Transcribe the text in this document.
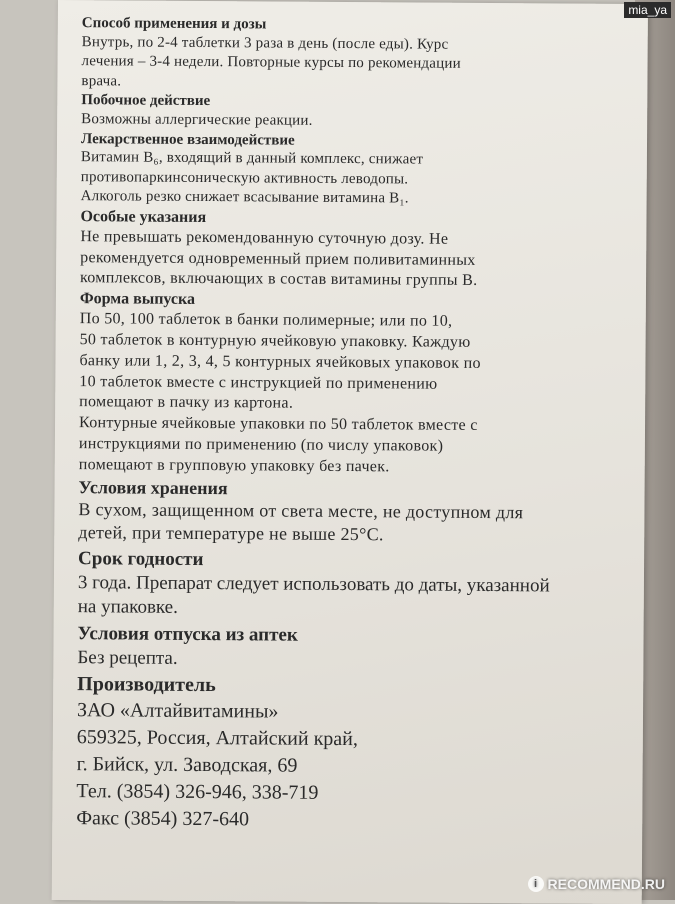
Способ применения и дозы

Внутрь, по 2-4 таблетки 3 раза в день (после еды). Курс

лечения – 3-4 недели. Повторные курсы по рекомендации

врача.

Побочное действие

Возможны аллергические реакции.

Лекарственное взаимодействие

Витамин B₆, входящий в данный комплекс, снижает

противопаркинсоническую активность леводопы.

Алкоголь резко снижает всасывание витамина B₁.

Особые указания

Не превышать рекомендованную суточную дозу. Не

рекомендуется одновременный прием поливитаминных

комплексов, включающих в состав витамины группы В.

Форма выпуска

По 50, 100 таблеток в банки полимерные; или по 10,

50 таблеток в контурную ячейковую упаковку. Каждую

банку или 1, 2, 3, 4, 5 контурных ячейковых упаковок по

10 таблеток вместе с инструкцией по применению

помещают в пачку из картона.

Контурные ячейковые упаковки по 50 таблеток вместе с

инструкциями по применению (по числу упаковок)

помещают в групповую упаковку без пачек.

Условия хранения

В сухом, защищенном от света месте, не доступном для

детей, при температуре не выше 25°С.

Срок годности

3 года. Препарат следует использовать до даты, указанной

на упаковке.

Условия отпуска из аптек

Без рецепта.

Производитель

ЗАО «Алтайвитамины»

659325, Россия, Алтайский край,

г. Бийск, ул. Заводская, 69

Тел. (3854) 326-946, 338-719

Факс (3854) 327-640

mia_ya
i RECOMMEND.RU
